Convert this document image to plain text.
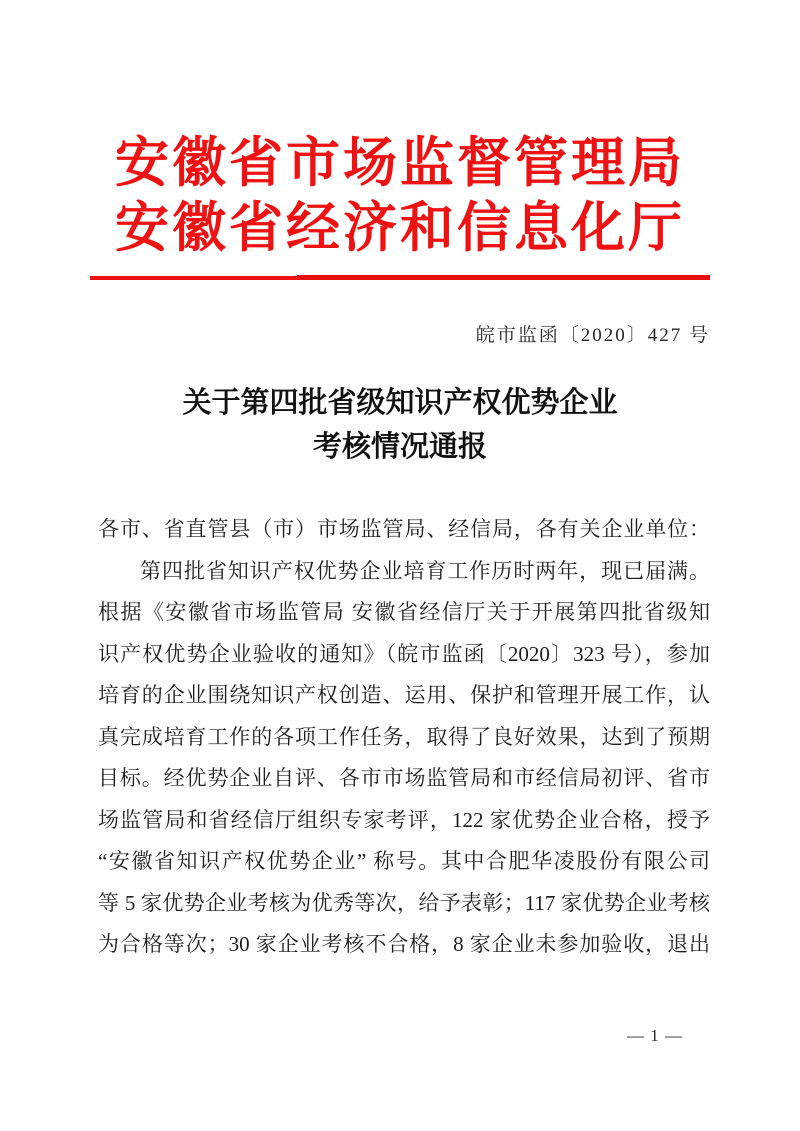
安徽省市场监督管理局
安徽省经济和信息化厅
皖市监函〔2020〕427 号
关于第四批省级知识产权优势企业
考核情况通报
各市、省直管县（市）市场监管局、经信局，各有关企业单位：
第四批省知识产权优势企业培育工作历时两年，现已届满。
根据《安徽省市场监管局 安徽省经信厅关于开展第四批省级知
识产权优势企业验收的通知》（皖市监函〔2020〕323 号），参加
培育的企业围绕知识产权创造、运用、保护和管理开展工作，认
真完成培育工作的各项工作任务，取得了良好效果，达到了预期
目标。经优势企业自评、各市市场监管局和市经信局初评、省市
场监管局和省经信厅组织专家考评，122 家优势企业合格，授予
“安徽省知识产权优势企业” 称号。其中合肥华凌股份有限公司
等 5 家优势企业考核为优秀等次，给予表彰；117 家优势企业考核
为合格等次；30 家企业考核不合格，8 家企业未参加验收，退出
— 1 —
